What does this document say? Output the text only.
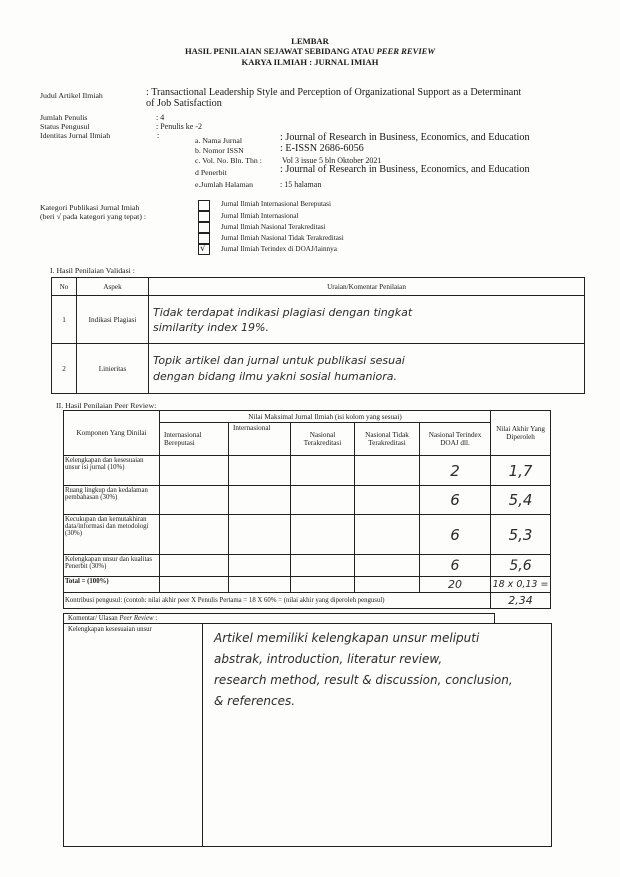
LEMBAR
HASIL PENILAIAN SEJAWAT SEBIDANG ATAU PEER REVIEW
KARYA ILMIAH : JURNAL IMIAH
Judul Artikel Ilmiah	: Transactional Leadership Style and Perception of Organizational Support as a Determinant
of Job Satisfaction
Jumlah Penulis	: 4
Status Pengusul	: Penulis ke -2
Identitas Jurnal Ilmiah	:
a. Nama Jurnal	: Journal of Research in Business, Economics, and Education
b. Nomor ISSN	: E-ISSN 2686-6056
c. Vol. No. Bln. Thn :	Vol 3 issue 5 bln Oktober 2021
d Penerbit	: Journal of Research in Business, Economics, and Education
e.Jumlah Halaman	: 15 halaman
Kategori Publikasi Jurnal Imiah
(beri √ pada kategori yang tepat) :
Jurnal Ilmiah Internasional Bereputasi
Jurnal Ilmiah Internasional
Jurnal Ilmiah Nasional Terakreditasi
Jurnal Ilmiah Nasional Tidak Terakreditasi
√ Jurnal Ilmiah Terindex di DOAJ/lainnya
I. Hasil Penilaian Validasi :
No	Aspek	Uraian/Komentar Penilaian
1	Indikasi Plagiasi	Tidak terdapat indikasi plagiasi dengan tingkat
similarity index 19%.

2	Linieritas	Topik artikel dan jurnal untuk publikasi sesuai
dengan bidang ilmu yakni sosial humaniora.
II. Hasil Penilaian Peer Review:
Komponen Yang Dinilai	Nilai Maksimal Jurnal Ilmiah (isi kolom yang sesuai)					Nilai Akhir Yang Diperoleh
	Internasional Bereputasi	Internasional	Nasional Terakreditasi	Nasional Tidak Terakreditasi	Nasional Terindex DOAJ dll.	
Kelengkapan dan kesesuaian unsur isi jurnal (10%)					2	1,7
Ruang lingkup dan kedalaman pembahasan (30%)					6	5,4
Kecukupan dan kemutakhiran data/informasi dan metodologi (30%)					6	5,3
Kelengkapan unsur dan kualitas Penerbit (30%)					6	5,6
Total = (100%)					20	18 x 0,13 =
Kontribusi pengusul: (contoh: nilai akhir peer X Penulis Pertama = 18 X 60% = (nilai akhir yang diperoleh pengusul)						2,34
Komentar/ Ulasan Peer Review :
Kelengkapan kesesuaian unsur
Artikel memiliki kelengkapan unsur meliputi
abstrak, introduction, literatur review,
research method, result & discussion, conclusion,
& references.
